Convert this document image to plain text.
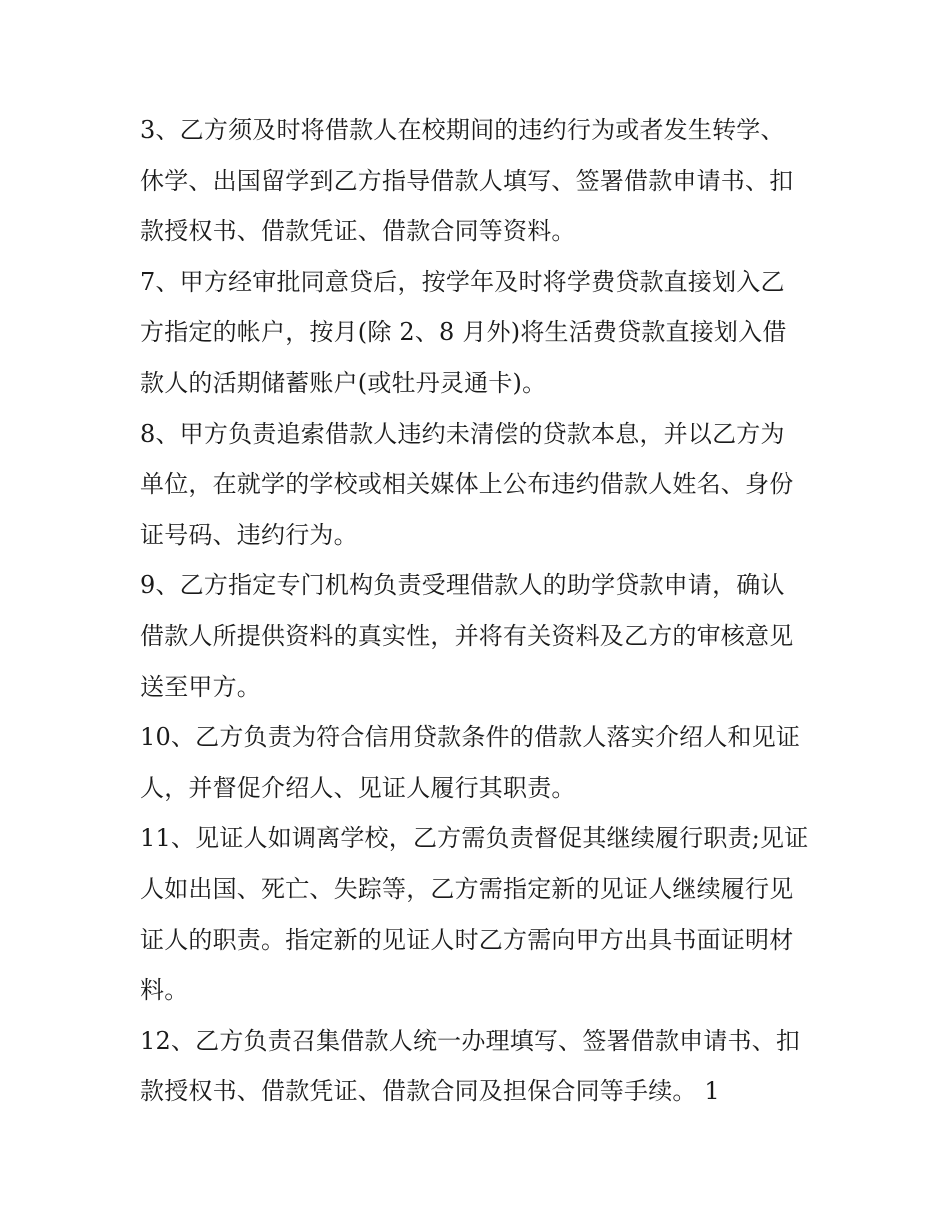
3、乙方须及时将借款人在校期间的违约行为或者发生转学、
休学、出国留学到乙方指导借款人填写、签署借款申请书、扣
款授权书、借款凭证、借款合同等资料。

7、甲方经审批同意贷后，按学年及时将学费贷款直接划入乙
方指定的帐户，按月(除 2、8 月外)将生活费贷款直接划入借
款人的活期储蓄账户(或牡丹灵通卡)。

8、甲方负责追索借款人违约未清偿的贷款本息，并以乙方为
单位，在就学的学校或相关媒体上公布违约借款人姓名、身份
证号码、违约行为。

9、乙方指定专门机构负责受理借款人的助学贷款申请，确认
借款人所提供资料的真实性，并将有关资料及乙方的审核意见
送至甲方。

10、乙方负责为符合信用贷款条件的借款人落实介绍人和见证
人，并督促介绍人、见证人履行其职责。

11、见证人如调离学校，乙方需负责督促其继续履行职责;见证
人如出国、死亡、失踪等，乙方需指定新的见证人继续履行见
证人的职责。指定新的见证人时乙方需向甲方出具书面证明材
料。

12、乙方负责召集借款人统一办理填写、签署借款申请书、扣
款授权书、借款凭证、借款合同及担保合同等手续。 1
